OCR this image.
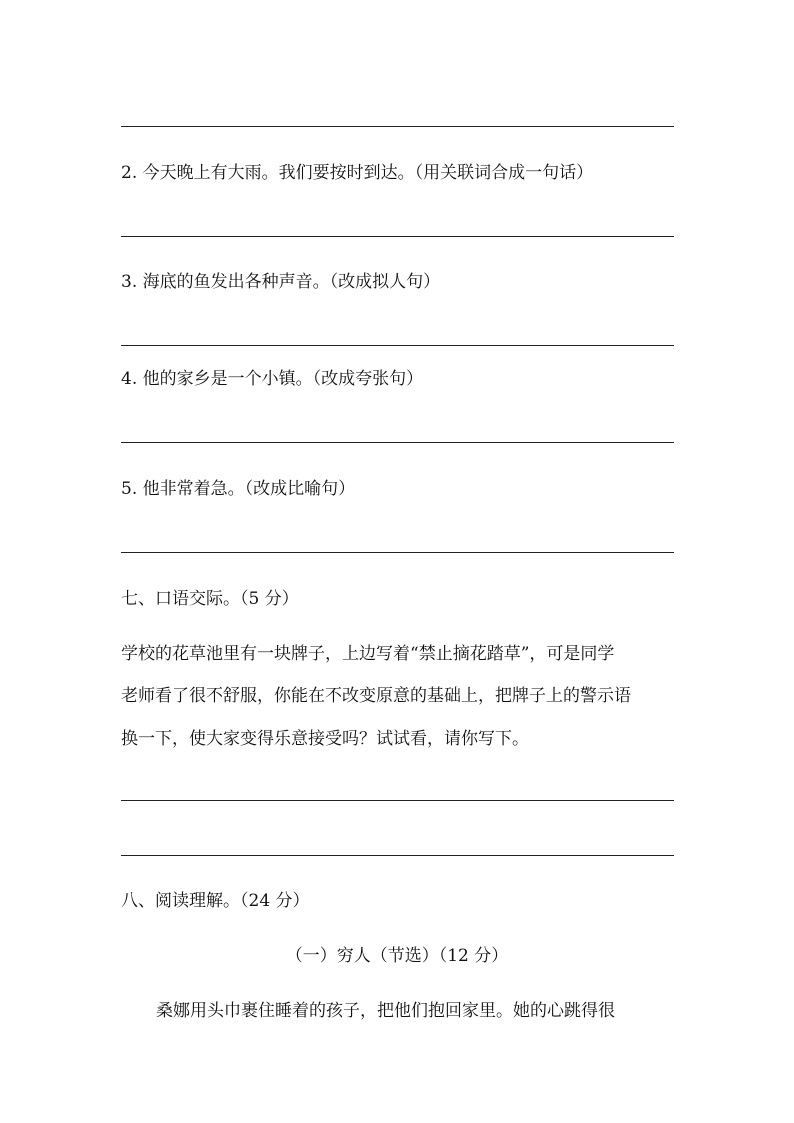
2. 今天晚上有大雨。我们要按时到达。（用关联词合成一句话）
3. 海底的鱼发出各种声音。（改成拟人句）
4. 他的家乡是一个小镇。（改成夸张句）
5. 他非常着急。（改成比喻句）
七、口语交际。（5 分）
学校的花草池里有一块牌子，上边写着“禁止摘花踏草”，可是同学
老师看了很不舒服，你能在不改变原意的基础上，把牌子上的警示语
换一下，使大家变得乐意接受吗？试试看，请你写下。
八、阅读理解。（24 分）
（一）穷人（节选）（12 分）
桑娜用头巾裹住睡着的孩子，把他们抱回家里。她的心跳得很
